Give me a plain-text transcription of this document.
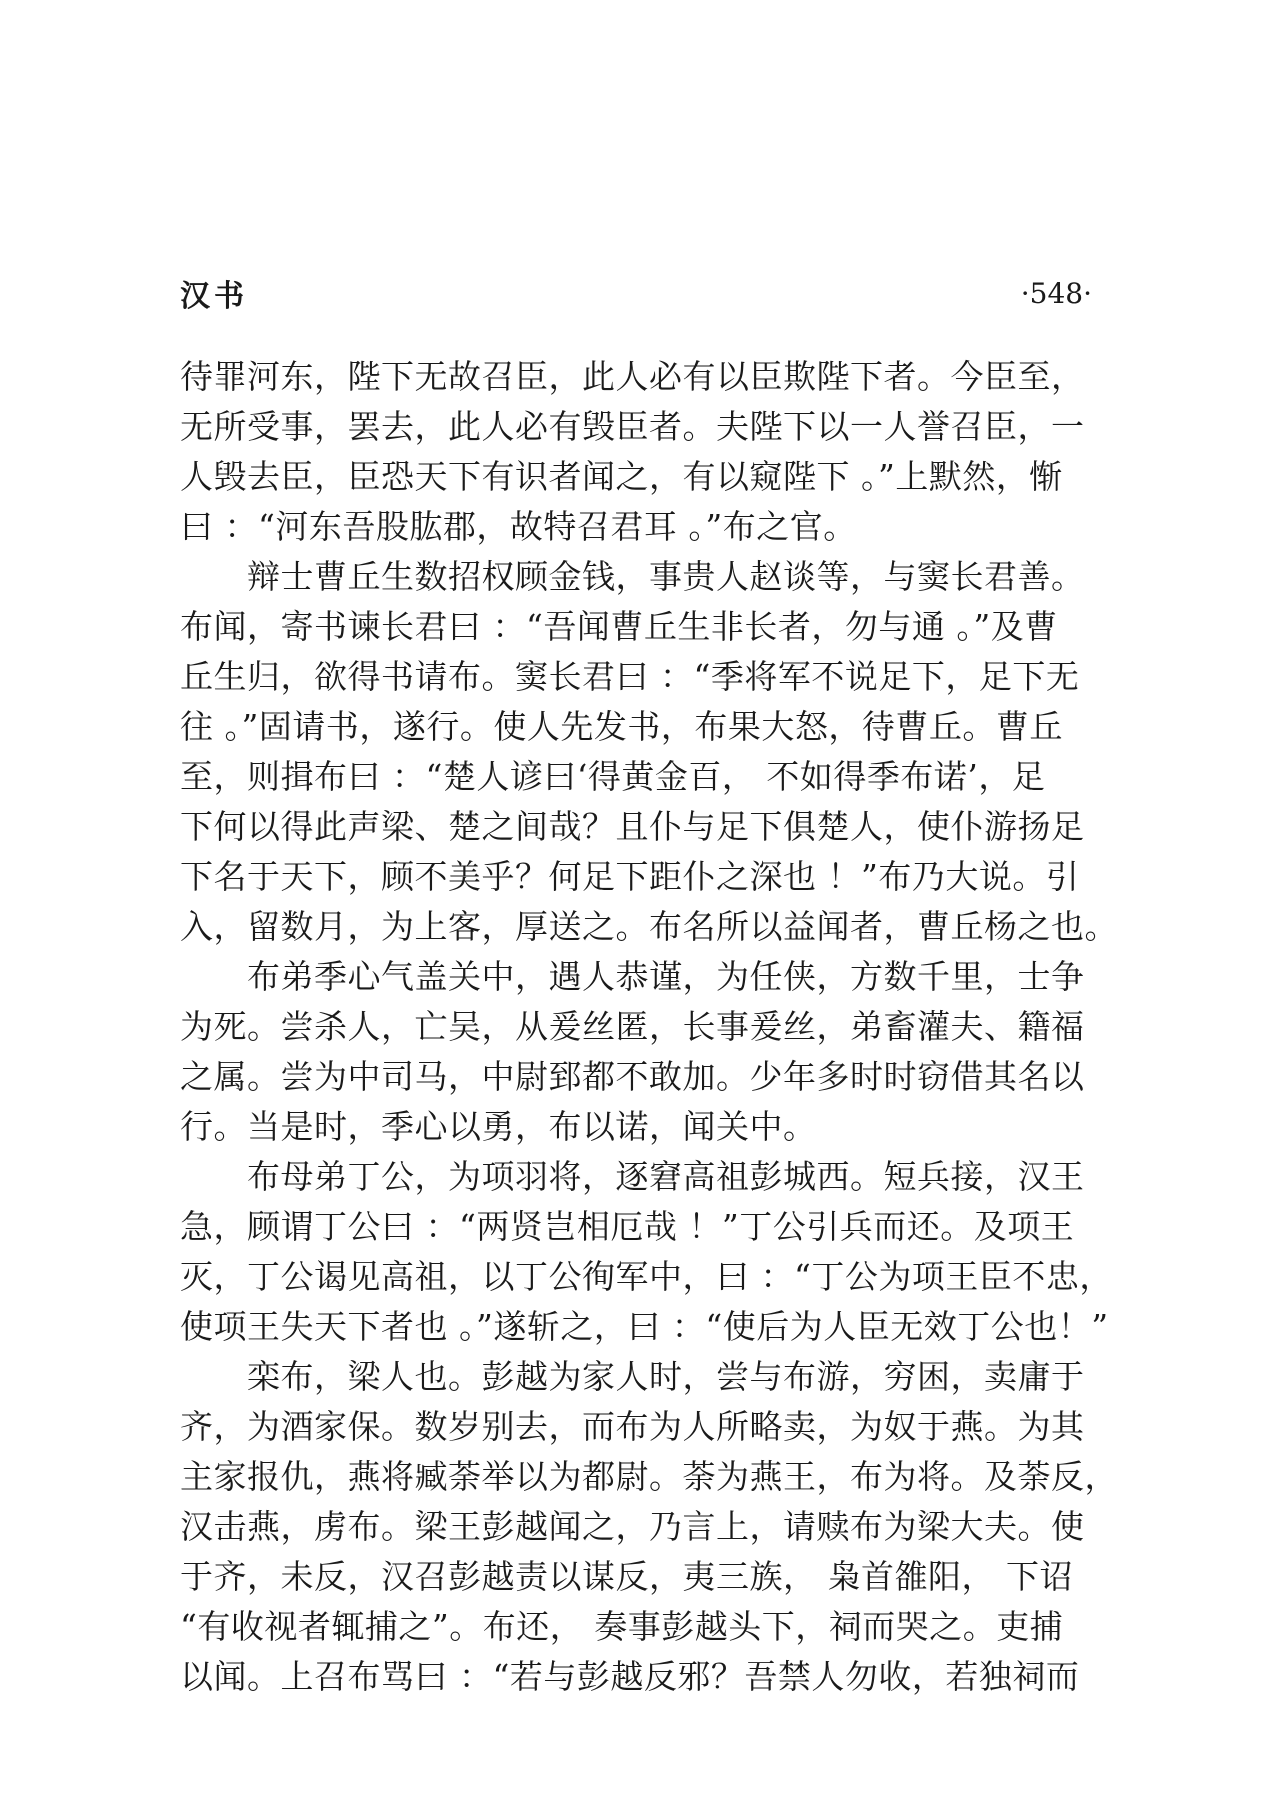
汉书	·548·
待罪河东，陛下无故召臣，此人必有以臣欺陛下者。今臣至，
无所受事，罢去，此人必有毁臣者。夫陛下以一人誉召臣，一
人毁去臣，臣恐天下有识者闻之，有以窥陛下 。”上默然，惭
曰 ：“河东吾股肱郡，故特召君耳 。”布之官。
　　辩士曹丘生数招权顾金钱，事贵人赵谈等，与窦长君善。
布闻，寄书谏长君曰 ：“吾闻曹丘生非长者，勿与通 。”及曹
丘生归，欲得书请布。窦长君曰 ：“季将军不说足下，足下无
往 。”固请书，遂行。使人先发书，布果大怒，待曹丘。曹丘
至，则揖布曰 ：“楚人谚曰‘得黄金百， 不如得季布诺’，足
下何以得此声梁、楚之间哉？且仆与足下俱楚人，使仆游扬足
下名于天下，顾不美乎？何足下距仆之深也 ！”布乃大说。引
入，留数月，为上客，厚送之。布名所以益闻者，曹丘杨之也。
　　布弟季心气盖关中，遇人恭谨，为任侠，方数千里，士争
为死。尝杀人，亡吴，从爰丝匿，长事爰丝，弟畜灌夫、籍福
之属。尝为中司马，中尉郅都不敢加。少年多时时窃借其名以
行。当是时，季心以勇，布以诺，闻关中。
　　布母弟丁公，为项羽将，逐窘高祖彭城西。短兵接，汉王
急，顾谓丁公曰 ：“两贤岂相厄哉 ！”丁公引兵而还。及项王
灭，丁公谒见高祖，以丁公徇军中，曰 ：“丁公为项王臣不忠，
使项王失天下者也 。”遂斩之，曰 ：“使后为人臣无效丁公也！”
　　栾布，梁人也。彭越为家人时，尝与布游，穷困，卖庸于
齐，为酒家保。数岁别去，而布为人所略卖，为奴于燕。为其
主家报仇，燕将臧荼举以为都尉。荼为燕王，布为将。及荼反，
汉击燕，虏布。梁王彭越闻之，乃言上，请赎布为梁大夫。使
于齐，未反，汉召彭越责以谋反，夷三族， 枭首雒阳， 下诏
“有收视者辄捕之”。布还， 奏事彭越头下，祠而哭之。吏捕
以闻。上召布骂曰 ：“若与彭越反邪？吾禁人勿收，若独祠而
